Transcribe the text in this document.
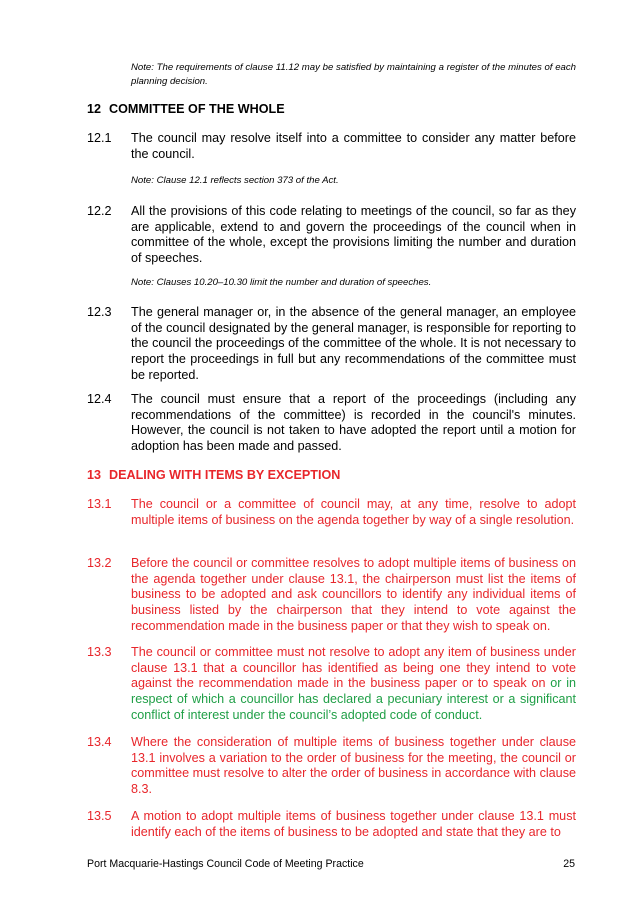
Note: The requirements of clause 11.12 may be satisfied by maintaining a register of the minutes of each planning decision.
12 COMMITTEE OF THE WHOLE
12.1 The council may resolve itself into a committee to consider any matter before the council.
Note: Clause 12.1 reflects section 373 of the Act.
12.2 All the provisions of this code relating to meetings of the council, so far as they are applicable, extend to and govern the proceedings of the council when in committee of the whole, except the provisions limiting the number and duration of speeches.
Note: Clauses 10.20–10.30 limit the number and duration of speeches.
12.3 The general manager or, in the absence of the general manager, an employee of the council designated by the general manager, is responsible for reporting to the council the proceedings of the committee of the whole. It is not necessary to report the proceedings in full but any recommendations of the committee must be reported.
12.4 The council must ensure that a report of the proceedings (including any recommendations of the committee) is recorded in the council's minutes. However, the council is not taken to have adopted the report until a motion for adoption has been made and passed.
13 DEALING WITH ITEMS BY EXCEPTION
13.1 The council or a committee of council may, at any time, resolve to adopt multiple items of business on the agenda together by way of a single resolution.
13.2 Before the council or committee resolves to adopt multiple items of business on the agenda together under clause 13.1, the chairperson must list the items of business to be adopted and ask councillors to identify any individual items of business listed by the chairperson that they intend to vote against the recommendation made in the business paper or that they wish to speak on.
13.3 The council or committee must not resolve to adopt any item of business under clause 13.1 that a councillor has identified as being one they intend to vote against the recommendation made in the business paper or to speak on or in respect of which a councillor has declared a pecuniary interest or a significant conflict of interest under the council’s adopted code of conduct.
13.4 Where the consideration of multiple items of business together under clause 13.1 involves a variation to the order of business for the meeting, the council or committee must resolve to alter the order of business in accordance with clause 8.3.
13.5 A motion to adopt multiple items of business together under clause 13.1 must identify each of the items of business to be adopted and state that they are to
Port Macquarie-Hastings Council Code of Meeting Practice	25
